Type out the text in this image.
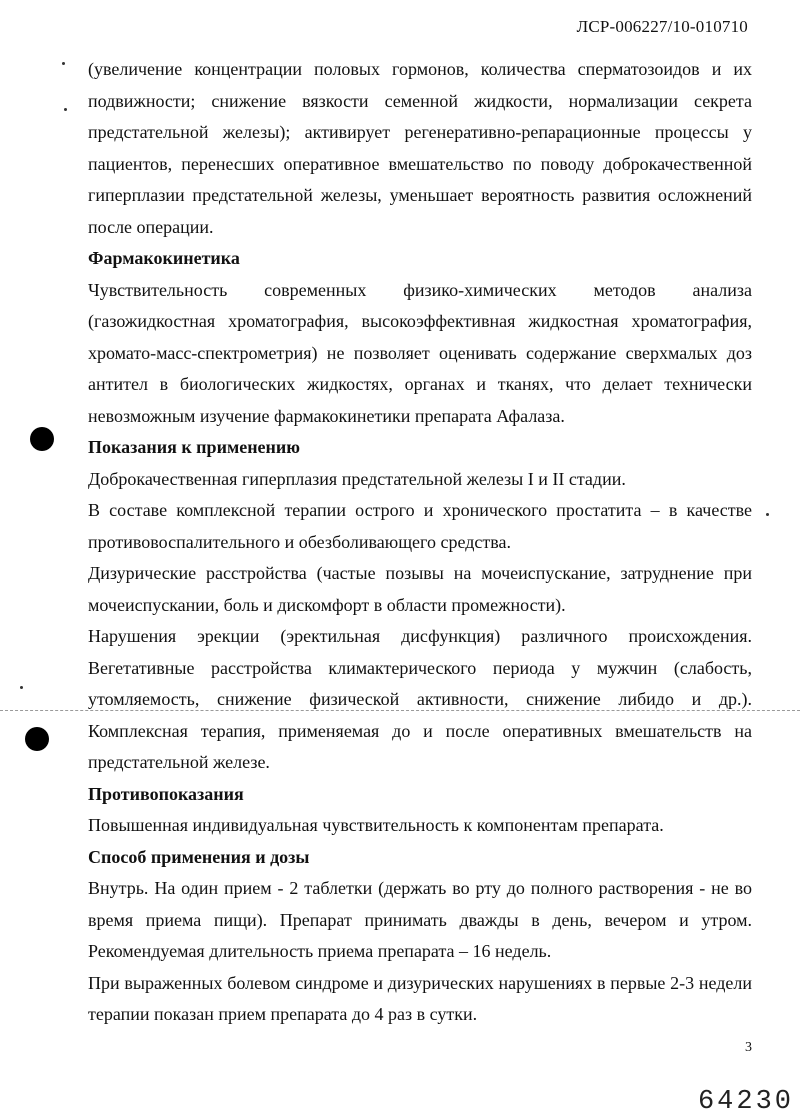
ЛСР-006227/10-010710

(увеличение концентрации половых гормонов, количества сперматозоидов и их подвижности; снижение вязкости семенной жидкости, нормализации секрета предстательной железы); активирует регенеративно-репарационные процессы у пациентов, перенесших оперативное вмешательство по поводу доброкачественной гиперплазии предстательной железы, уменьшает вероятность развития осложнений после операции.

Фармакокинетика

Чувствительность современных физико-химических методов анализа (газожидкостная хроматография, высокоэффективная жидкостная хроматография, хромато-масс-спектрометрия) не позволяет оценивать содержание сверхмалых доз антител в биологических жидкостях, органах и тканях, что делает технически невозможным изучение фармакокинетики препарата Афалаза.

Показания к применению

Доброкачественная гиперплазия предстательной железы I и II стадии.

В составе комплексной терапии острого и хронического простатита – в качестве противовоспалительного и обезболивающего средства.

Дизурические расстройства (частые позывы на мочеиспускание, затруднение при мочеиспускании, боль и дискомфорт в области промежности).

Нарушения эрекции (эректильная дисфункция) различного происхождения.

Вегетативные расстройства климактерического периода у мужчин (слабость, утомляемость, снижение физической активности, снижение либидо и др.).

Комплексная терапия, применяемая до и после оперативных вмешательств на предстательной железе.

Противопоказания

Повышенная индивидуальная чувствительность к компонентам препарата.

Способ применения и дозы

Внутрь. На один прием - 2 таблетки (держать во рту до полного растворения - не во время приема пищи). Препарат принимать дважды в день, вечером и утром. Рекомендуемая длительность приема препарата – 16 недель.

При выраженных болевом синдроме и дизурических нарушениях в первые 2-3 недели терапии показан прием препарата до 4 раз в сутки.

3
64230
